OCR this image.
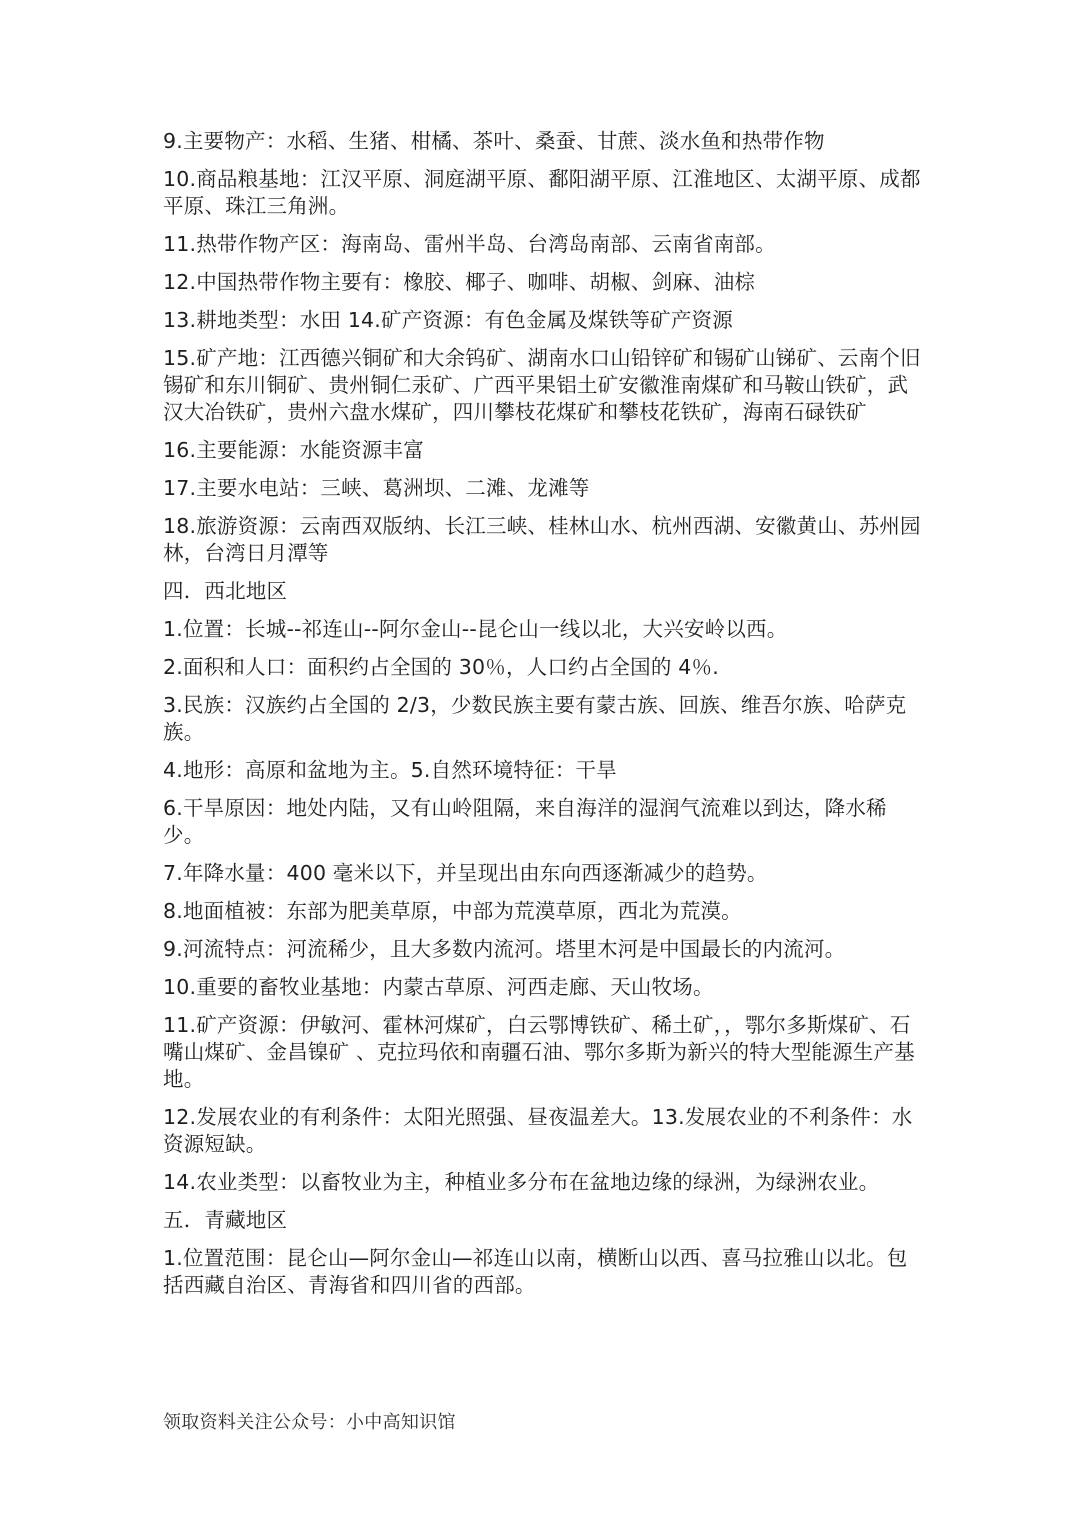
9.主要物产：水稻、生猪、柑橘、茶叶、桑蚕、甘蔗、淡水鱼和热带作物

10.商品粮基地：江汉平原、洞庭湖平原、鄱阳湖平原、江淮地区、太湖平原、成都平原、珠江三角洲。

11.热带作物产区：海南岛、雷州半岛、台湾岛南部、云南省南部。

12.中国热带作物主要有：橡胶、椰子、咖啡、胡椒、剑麻、油棕

13.耕地类型：水田 14.矿产资源：有色金属及煤铁等矿产资源

15.矿产地：江西德兴铜矿和大余钨矿、湖南水口山铅锌矿和锡矿山锑矿、云南个旧锡矿和东川铜矿、贵州铜仁汞矿、广西平果铝土矿安徽淮南煤矿和马鞍山铁矿，武汉大冶铁矿，贵州六盘水煤矿，四川攀枝花煤矿和攀枝花铁矿，海南石碌铁矿

16.主要能源：水能资源丰富

17.主要水电站：三峡、葛洲坝、二滩、龙滩等

18.旅游资源：云南西双版纳、长江三峡、桂林山水、杭州西湖、安徽黄山、苏州园林，台湾日月潭等

四．西北地区

1.位置：长城--祁连山--阿尔金山--昆仑山一线以北，大兴安岭以西。

2.面积和人口：面积约占全国的 30％，人口约占全国的 4％.

3.民族：汉族约占全国的 2/3，少数民族主要有蒙古族、回族、维吾尔族、哈萨克族。

4.地形：高原和盆地为主。5.自然环境特征：干旱

6.干旱原因：地处内陆，又有山岭阻隔，来自海洋的湿润气流难以到达，降水稀少。

7.年降水量：400 毫米以下，并呈现出由东向西逐渐减少的趋势。

8.地面植被：东部为肥美草原，中部为荒漠草原，西北为荒漠。

9.河流特点：河流稀少，且大多数内流河。塔里木河是中国最长的内流河。

10.重要的畜牧业基地：内蒙古草原、河西走廊、天山牧场。

11.矿产资源：伊敏河、霍林河煤矿，白云鄂博铁矿、稀土矿，，鄂尔多斯煤矿、石嘴山煤矿、金昌镍矿 、克拉玛依和南疆石油、鄂尔多斯为新兴的特大型能源生产基地。

12.发展农业的有利条件：太阳光照强、昼夜温差大。13.发展农业的不利条件：水资源短缺。

14.农业类型：以畜牧业为主，种植业多分布在盆地边缘的绿洲，为绿洲农业。

五．青藏地区

1.位置范围：昆仑山—阿尔金山—祁连山以南，横断山以西、喜马拉雅山以北。包括西藏自治区、青海省和四川省的西部。

领取资料关注公众号：小中高知识馆
